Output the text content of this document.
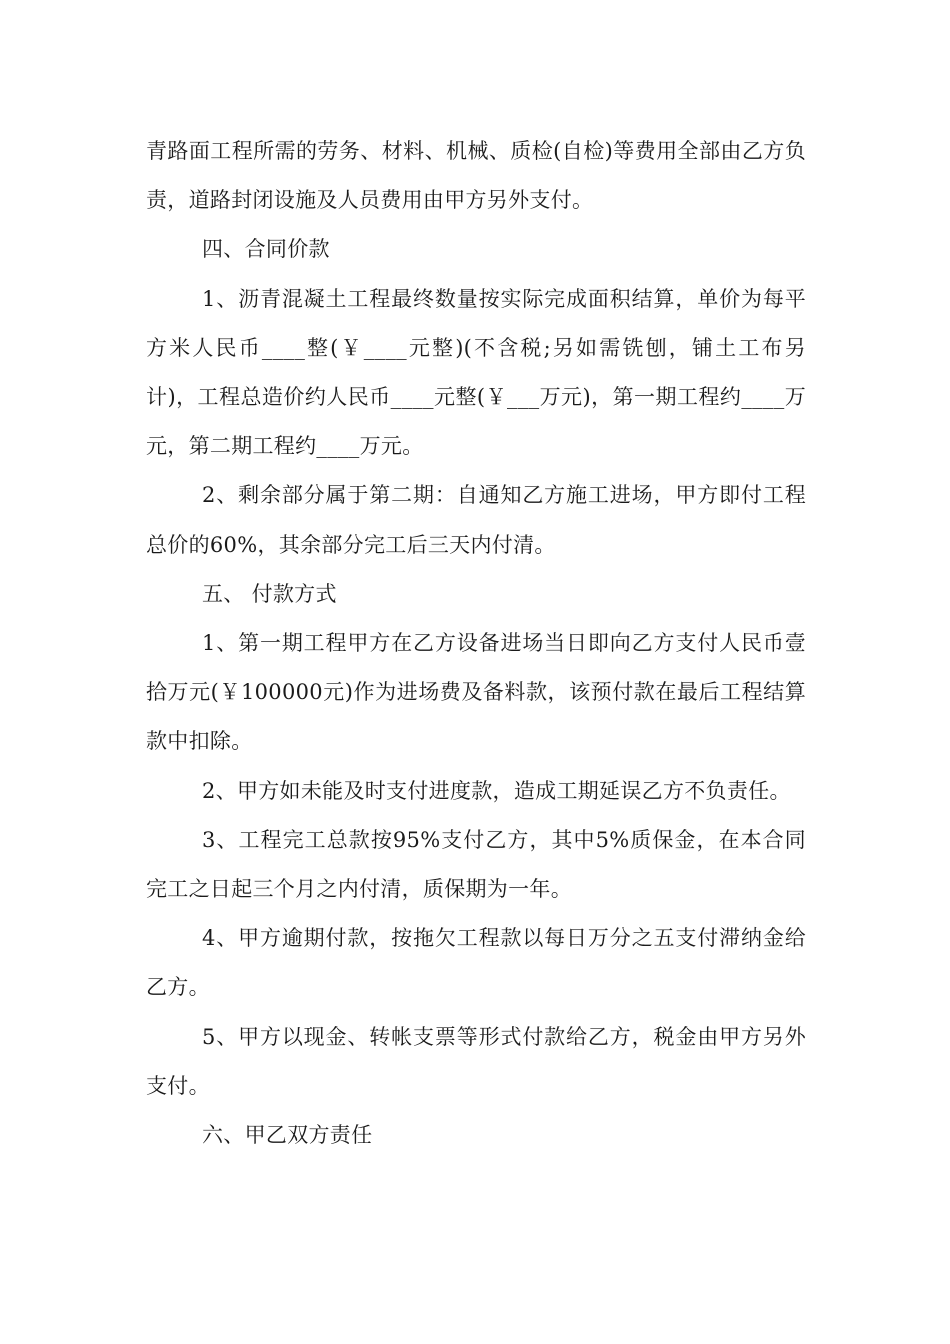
青路面工程所需的劳务、材料、机械、质检(自检)等费用全部由乙方负责，道路封闭设施及人员费用由甲方另外支付。

四、合同价款

1、沥青混凝土工程最终数量按实际完成面积结算，单价为每平方米人民币____整(￥____元整)(不含税;另如需铣刨，铺土工布另计)，工程总造价约人民币____元整(￥___万元)，第一期工程约____万元，第二期工程约____万元。

2、剩余部分属于第二期：自通知乙方施工进场，甲方即付工程总价的60%，其余部分完工后三天内付清。

五、 付款方式

1、第一期工程甲方在乙方设备进场当日即向乙方支付人民币壹拾万元(￥100000元)作为进场费及备料款，该预付款在最后工程结算款中扣除。

2、甲方如未能及时支付进度款，造成工期延误乙方不负责任。

3、工程完工总款按95%支付乙方，其中5%质保金，在本合同完工之日起三个月之内付清，质保期为一年。

4、甲方逾期付款，按拖欠工程款以每日万分之五支付滞纳金给乙方。

5、甲方以现金、转帐支票等形式付款给乙方，税金由甲方另外支付。

六、甲乙双方责任
